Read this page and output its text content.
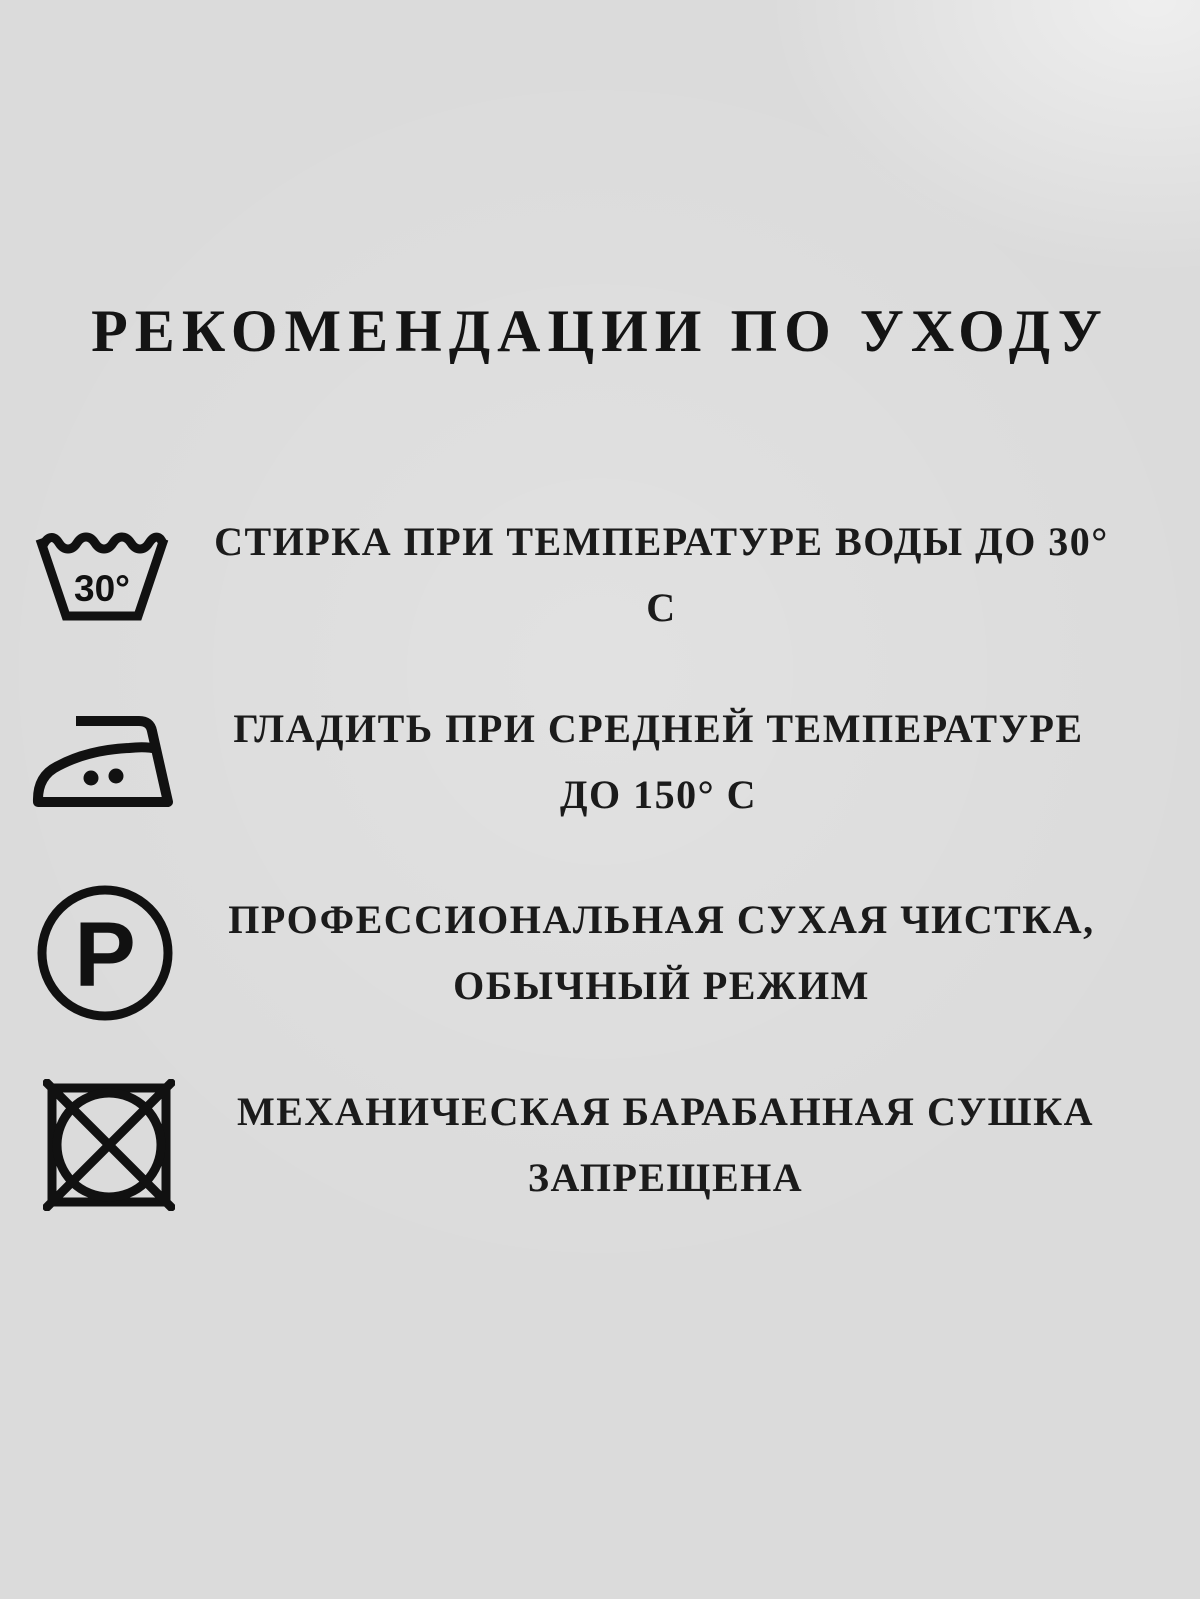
РЕКОМЕНДАЦИИ ПО УХОДУ
30°
СТИРКА ПРИ ТЕМПЕРАТУРЕ ВОДЫ ДО 30° С
ГЛАДИТЬ ПРИ СРЕДНЕЙ ТЕМПЕРАТУРЕ
ДО 150° С
P	ПРОФЕССИОНАЛЬНАЯ СУХАЯ ЧИСТКА,
ОБЫЧНЫЙ РЕЖИМ
МЕХАНИЧЕСКАЯ БАРАБАННАЯ СУШКА
ЗАПРЕЩЕНА
